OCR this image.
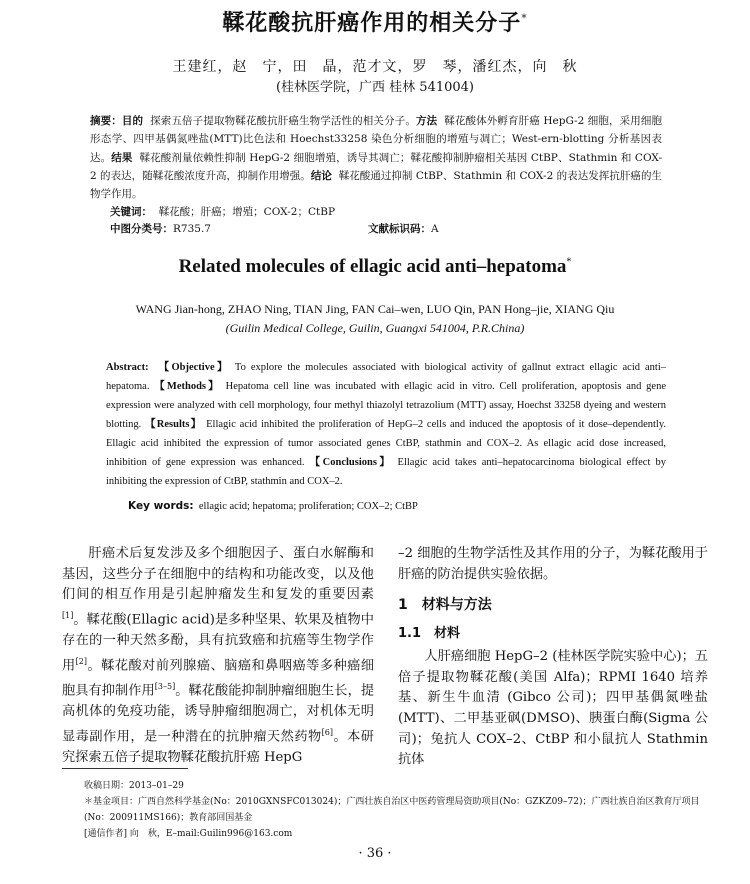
鞣花酸抗肝癌作用的相关分子*
王建红，赵　宁，田　晶，范才文，罗　琴，潘红杰，向　秋
(桂林医学院，广西 桂林 541004)
摘要：目的 探索五倍子提取物鞣花酸抗肝癌生物学活性的相关分子。方法 鞣花酸体外孵育肝癌 HepG-2 细胞，采用细胞形态学、四甲基偶氮唑盐(MTT)比色法和 Hoechst33258 染色分析细胞的增殖与凋亡；West-ern-blotting 分析基因表达。结果 鞣花酸剂量依赖性抑制 HepG-2 细胞增殖，诱导其凋亡；鞣花酸抑制肿瘤相关基因 CtBP、Stathmin 和 COX-2 的表达，随鞣花酸浓度升高，抑制作用增强。结论 鞣花酸通过抑制 CtBP、Stathmin 和 COX-2 的表达发挥抗肝癌的生物学作用。
关键词： 鞣花酸；肝癌；增殖；COX-2；CtBP
中图分类号：R735.7	文献标识码：A
Related molecules of ellagic acid anti–hepatoma*
WANG Jian-hong, ZHAO Ning, TIAN Jing, FAN Cai–wen, LUO Qin, PAN Hong–jie, XIANG Qiu
(Guilin Medical College, Guilin, Guangxi 541004, P.R.China)
Abstract: 【Objective】 To explore the molecules associated with biological activity of gallnut extract ellagic acid anti–hepatoma. 【Methods】 Hepatoma cell line was incubated with ellagic acid in vitro. Cell proliferation, apoptosis and gene expression were analyzed with cell morphology, four methyl thiazolyl tetrazolium (MTT) assay, Hoechst 33258 dyeing and western blotting. 【Results】 Ellagic acid inhibited the proliferation of HepG–2 cells and induced the apoptosis of it dose–dependently. Ellagic acid inhibited the expression of tumor associated genes CtBP, stathmin and COX–2. As ellagic acid dose increased, inhibition of gene expression was enhanced. 【Conclusions】 Ellagic acid takes anti–hepatocarcinoma biological effect by inhibiting the expression of CtBP, stathmin and COX–2.
Key words: ellagic acid; hepatoma; proliferation; COX–2; CtBP

肝癌术后复发涉及多个细胞因子、蛋白水解酶和基因，这些分子在细胞中的结构和功能改变，以及他们间的相互作用是引起肿瘤发生和复发的重要因素[1]。鞣花酸(Ellagic acid)是多种坚果、软果及植物中存在的一种天然多酚，具有抗致癌和抗癌等生物学作用[2]。鞣花酸对前列腺癌、脑癌和鼻咽癌等多种癌细胞具有抑制作用[3–5]。鞣花酸能抑制肿瘤细胞生长，提高机体的免疫功能，诱导肿瘤细胞凋亡，对机体无明显毒副作用，是一种潜在的抗肿瘤天然药物[6]。本研究探索五倍子提取物鞣花酸抗肝癌 HepG

–2 细胞的生物学活性及其作用的分子，为鞣花酸用于肝癌的防治提供实验依据。

1　材料与方法

1.1　材料

人肝癌细胞 HepG–2 (桂林医学院实验中心)；五倍子提取物鞣花酸(美国 Alfa)；RPMI 1640 培养基、新生牛血清 (Gibco 公司)；四甲基偶氮唑盐(MTT)、二甲基亚砜(DMSO)、胰蛋白酶(Sigma 公司)；兔抗人 COX–2、CtBP 和小鼠抗人 Stathmin 抗体

收稿日期：2013–01–29
＊基金项目：广西自然科学基金(No：2010GXNSFC013024)；广西壮族自治区中医药管理局资助项目(No：GZKZ09–72)；广西壮族自治区教育厅项目(No：200911MS166)；教育部回国基金
[通信作者] 向　秋，E–mail:Guilin996@163.com
· 36 ·
